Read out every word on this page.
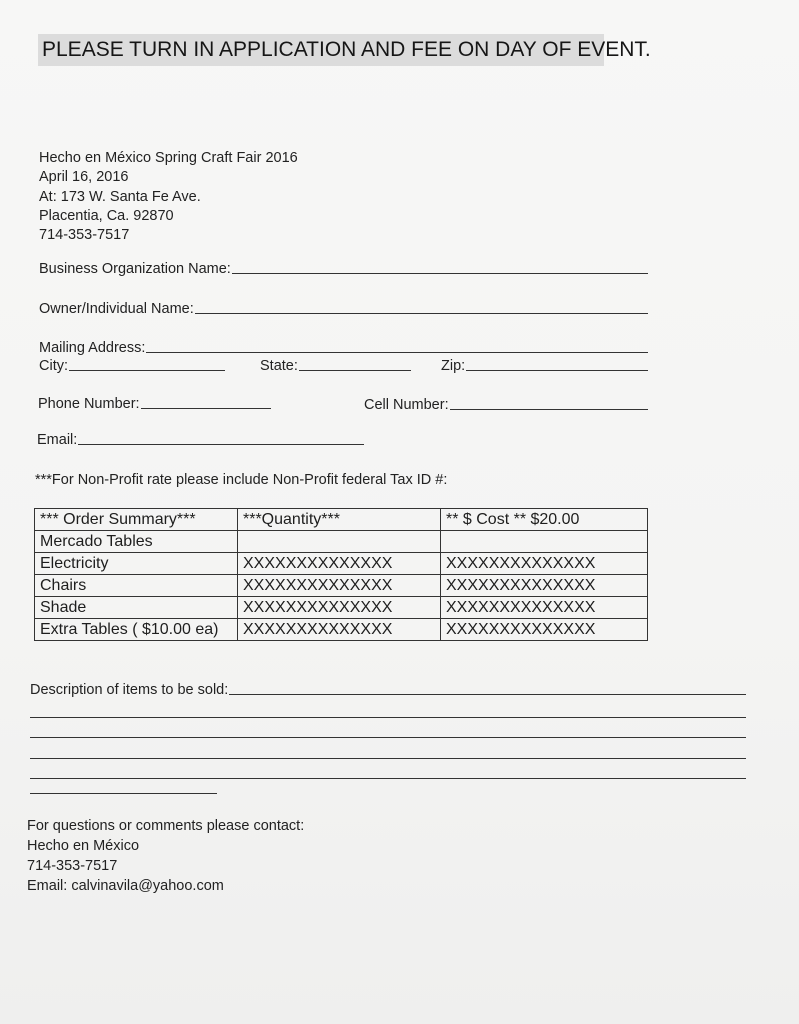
PLEASE TURN IN APPLICATION AND FEE ON DAY OF EVENT.
Hecho en México Spring Craft Fair 2016
April 16, 2016
At: 173 W. Santa Fe Ave.
Placentia, Ca. 92870
714-353-7517
Business Organization Name:
Owner/Individual Name:
Mailing Address:
City:	State:	Zip:
Phone Number:	Cell Number:
Email:
***For Non-Profit rate please include Non-Profit federal Tax ID #:
*** Order Summary***	***Quantity***	** $ Cost ** $20.00
Mercado Tables		
Electricity	XXXXXXXXXXXXXX	XXXXXXXXXXXXXX
Chairs	XXXXXXXXXXXXXX	XXXXXXXXXXXXXX
Shade	XXXXXXXXXXXXXX	XXXXXXXXXXXXXX
Extra Tables ( $10.00 ea)	XXXXXXXXXXXXXX	XXXXXXXXXXXXXX
Description of items to be sold:
For questions or comments please contact:
Hecho en México
714-353-7517
Email: calvinavila@yahoo.com
